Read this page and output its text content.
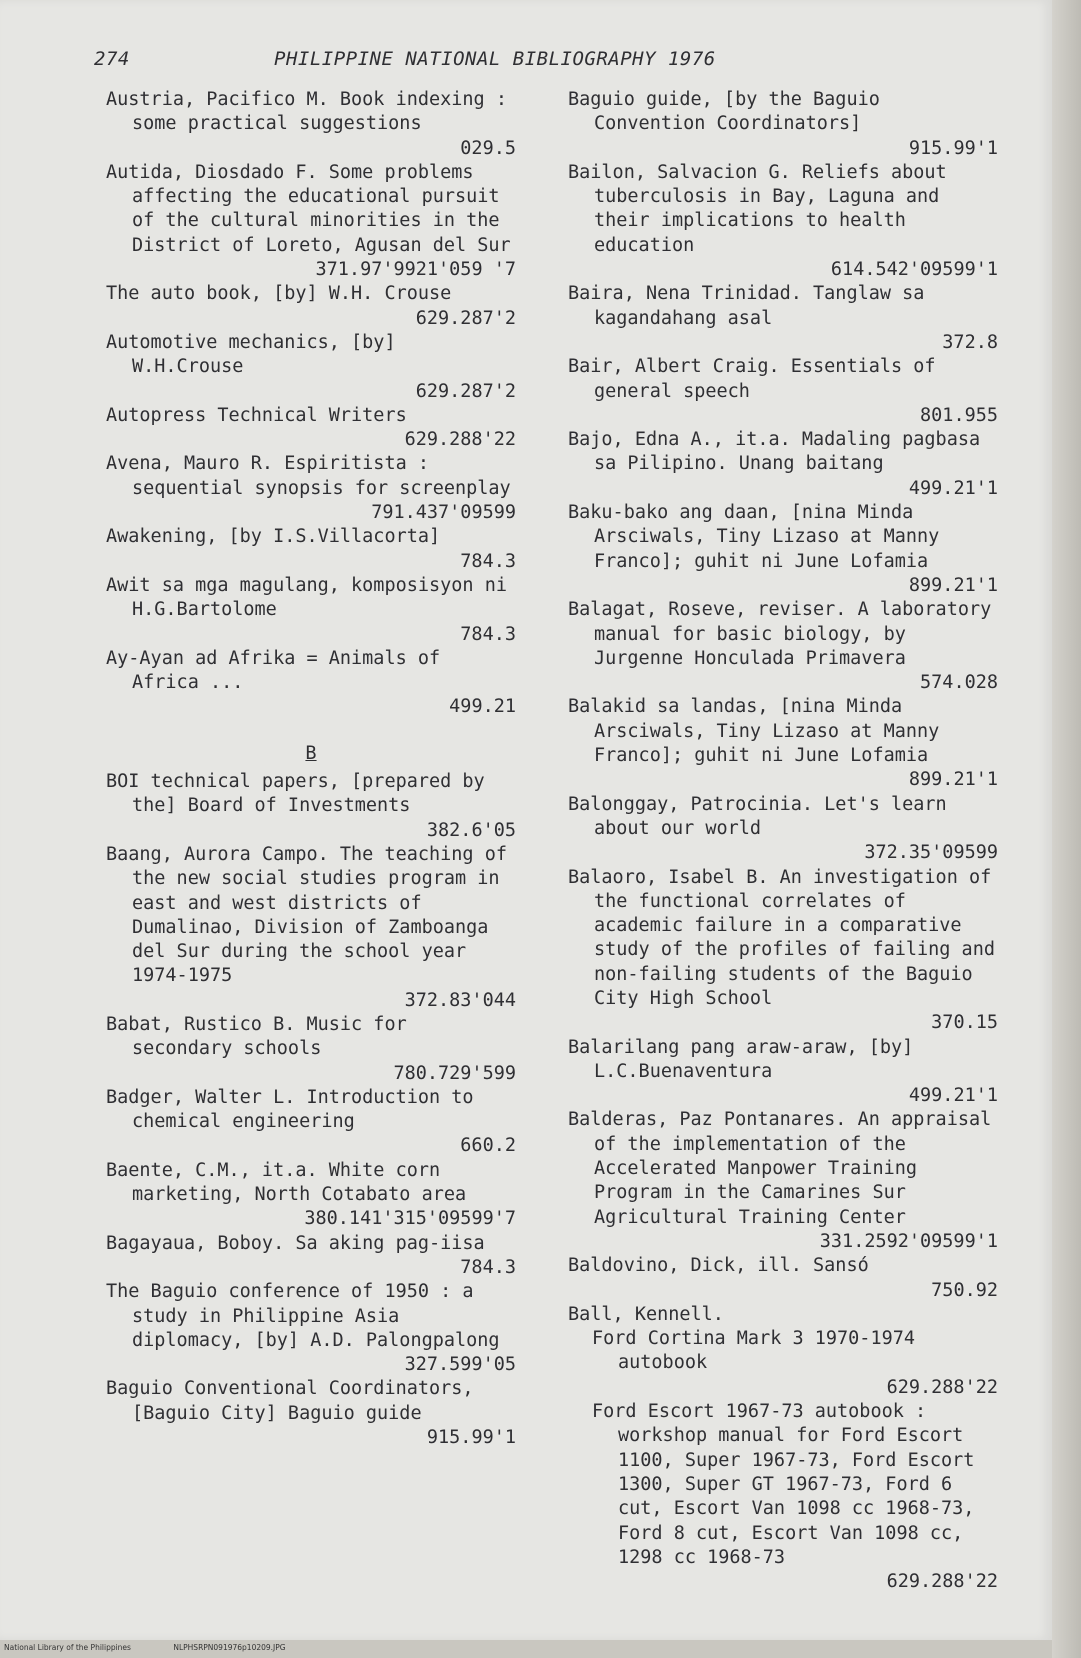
274	PHILIPPINE NATIONAL BIBLIOGRAPHY 1976
Austria, Pacifico M. Book indexing : some practical suggestions
029.5
Autida, Diosdado F. Some problems affecting the educational pursuit of the cultural minorities in the District of Loreto, Agusan del Sur
371.97'9921'059 '7
The auto book, [by] W.H. Crouse
629.287'2
Automotive mechanics, [by] W.H.Crouse
629.287'2
Autopress Technical Writers
629.288'22
Avena, Mauro R. Espiritista : sequential synopsis for screenplay
791.437'09599
Awakening, [by I.S.Villacorta]
784.3
Awit sa mga magulang, komposisyon ni H.G.Bartolome
784.3
Ay-Ayan ad Afrika = Animals of Africa ...
499.21
B
BOI technical papers, [prepared by the] Board of Investments
382.6'05
Baang, Aurora Campo. The teaching of the new social studies program in east and west districts of Dumalinao, Division of Zamboanga del Sur during the school year 1974-1975
372.83'044
Babat, Rustico B. Music for secondary schools
780.729'599
Badger, Walter L. Introduction to chemical engineering
660.2
Baente, C.M., it.a. White corn marketing, North Cotabato area
380.141'315'09599'7
Bagayaua, Boboy. Sa aking pag-iisa
784.3
The Baguio conference of 1950 : a study in Philippine Asia diplomacy, [by] A.D. Palongpalong
327.599'05
Baguio Conventional Coordinators, [Baguio City] Baguio guide
915.99'1
Baguio guide, [by the Baguio Convention Coordinators]
915.99'1
Bailon, Salvacion G. Reliefs about tuberculosis in Bay, Laguna and their implications to health education
614.542'09599'1
Baira, Nena Trinidad. Tanglaw sa kagandahang asal
372.8
Bair, Albert Craig. Essentials of general speech
801.955
Bajo, Edna A., it.a. Madaling pagbasa sa Pilipino. Unang baitang
499.21'1
Baku-bako ang daan, [nina Minda Arsciwals, Tiny Lizaso at Manny Franco]; guhit ni June Lofamia
899.21'1
Balagat, Roseve, reviser. A laboratory manual for basic biology, by Jurgenne Honculada Primavera
574.028
Balakid sa landas, [nina Minda Arsciwals, Tiny Lizaso at Manny Franco]; guhit ni June Lofamia
899.21'1
Balonggay, Patrocinia. Let's learn about our world
372.35'09599
Balaoro, Isabel B. An investigation of the functional correlates of academic failure in a comparative study of the profiles of failing and non-failing students of the Baguio City High School
370.15
Balarilang pang araw-araw, [by] L.C.Buenaventura
499.21'1
Balderas, Paz Pontanares. An appraisal of the implementation of the Accelerated Manpower Training Program in the Camarines Sur Agricultural Training Center
331.2592'09599'1
Baldovino, Dick, ill. Sansó
750.92
Ball, Kennell.
Ford Cortina Mark 3 1970-1974 autobook
629.288'22
Ford Escort 1967-73 autobook : workshop manual for Ford Escort 1100, Super 1967-73, Ford Escort 1300, Super GT 1967-73, Ford 6 cut, Escort Van 1098 cc 1968-73, Ford 8 cut, Escort Van 1098 cc, 1298 cc 1968-73
629.288'22
National Library of the Philippines	NLPHSRPN091976p10209.JPG
